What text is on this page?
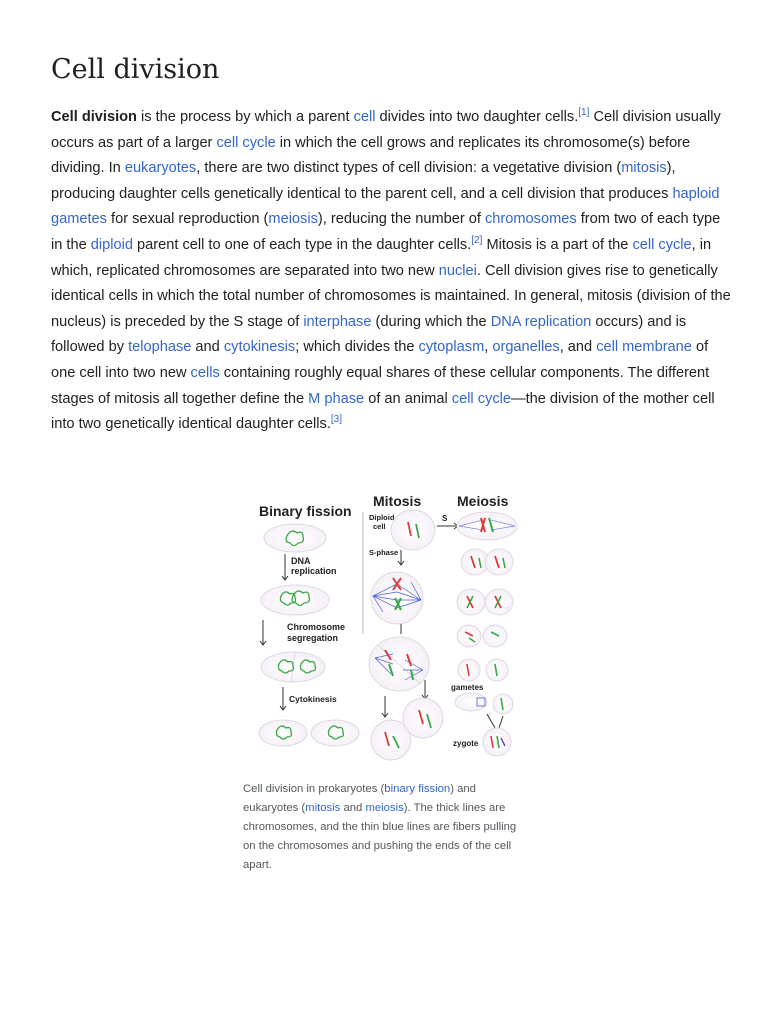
Cell division
Cell division is the process by which a parent cell divides into two daughter cells.[1] Cell division usually occurs as part of a larger cell cycle in which the cell grows and replicates its chromosome(s) before dividing. In eukaryotes, there are two distinct types of cell division: a vegetative division (mitosis), producing daughter cells genetically identical to the parent cell, and a cell division that produces haploid gametes for sexual reproduction (meiosis), reducing the number of chromosomes from two of each type in the diploid parent cell to one of each type in the daughter cells.[2] Mitosis is a part of the cell cycle, in which, replicated chromosomes are separated into two new nuclei. Cell division gives rise to genetically identical cells in which the total number of chromosomes is maintained. In general, mitosis (division of the nucleus) is preceded by the S stage of interphase (during which the DNA replication occurs) and is followed by telophase and cytokinesis; which divides the cytoplasm, organelles, and cell membrane of one cell into two new cells containing roughly equal shares of these cellular components. The different stages of mitosis all together define the M phase of an animal cell cycle—the division of the mother cell into two genetically identical daughter cells.[3]
Binary fission
Mitosis	Meiosis
DNA
replication
Chromosome
segregation
Cytokinesis
Diploid
cell
S-phase
S
gametes
zygote
Cell division in prokaryotes (binary fission) and eukaryotes (mitosis and meiosis). The thick lines are chromosomes, and the thin blue lines are fibers pulling on the chromosomes and pushing the ends of the cell apart.
